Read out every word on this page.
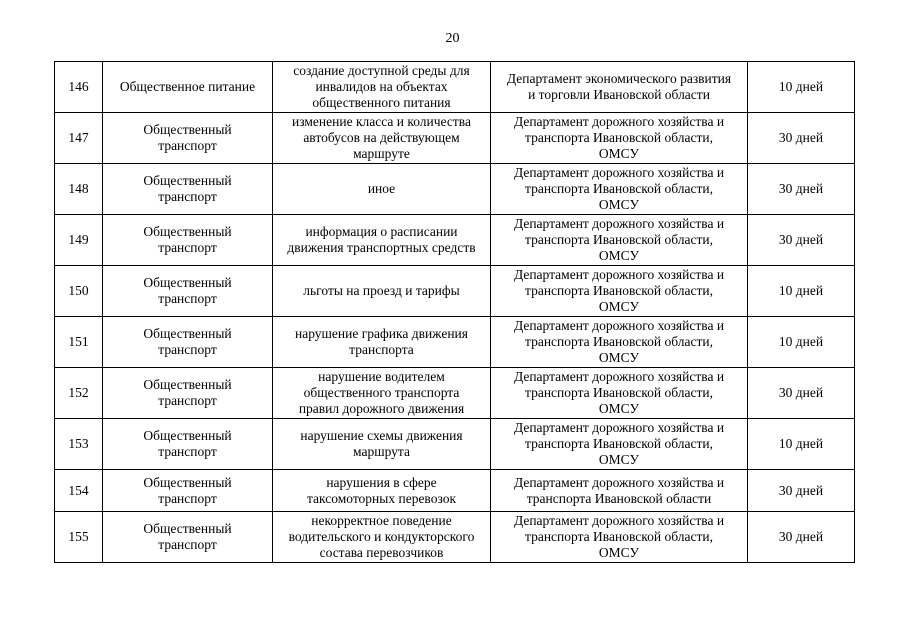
20
146	Общественное питание	создание доступной среды для
инвалидов на объектах
общественного питания	Департамент экономического развития
и торговли Ивановской области	10 дней
147	Общественный
транспорт	изменение класса и количества
автобусов на действующем
маршруте	Департамент дорожного хозяйства и
транспорта Ивановской области,
ОМСУ	30 дней
148	Общественный
транспорт	иное	Департамент дорожного хозяйства и
транспорта Ивановской области,
ОМСУ	30 дней
149	Общественный
транспорт	информация о расписании
движения транспортных средств	Департамент дорожного хозяйства и
транспорта Ивановской области,
ОМСУ	30 дней
150	Общественный
транспорт	льготы на проезд и тарифы	Департамент дорожного хозяйства и
транспорта Ивановской области,
ОМСУ	10 дней
151	Общественный
транспорт	нарушение графика движения
транспорта	Департамент дорожного хозяйства и
транспорта Ивановской области,
ОМСУ	10 дней
152	Общественный
транспорт	нарушение водителем
общественного транспорта
правил дорожного движения	Департамент дорожного хозяйства и
транспорта Ивановской области,
ОМСУ	30 дней
153	Общественный
транспорт	нарушение схемы движения
маршрута	Департамент дорожного хозяйства и
транспорта Ивановской области,
ОМСУ	10 дней
154	Общественный
транспорт	нарушения в сфере
таксомоторных перевозок	Департамент дорожного хозяйства и
транспорта Ивановской области	30 дней
155	Общественный
транспорт	некорректное поведение
водительского и кондукторского
состава перевозчиков	Департамент дорожного хозяйства и
транспорта Ивановской области,
ОМСУ	30 дней
